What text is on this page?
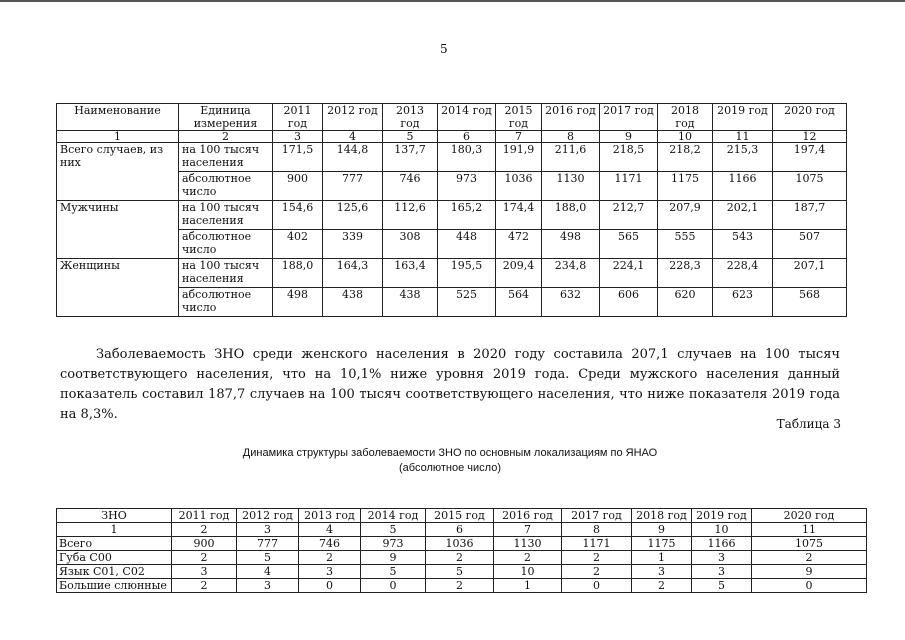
5
Наименование	Единица измерения	2011 год	2012 год	2013 год	2014 год	2015 год	2016 год	2017 год	2018 год	2019 год	2020 год
1	2	3	4	5	6	7	8	9	10	11	12
Всего случаев, из них	на 100 тысяч населения	171,5	144,8	137,7	180,3	191,9	211,6	218,5	218,2	215,3	197,4
	абсолютное число	900	777	746	973	1036	1130	1171	1175	1166	1075
Мужчины	на 100 тысяч населения	154,6	125,6	112,6	165,2	174,4	188,0	212,7	207,9	202,1	187,7
	абсолютное число	402	339	308	448	472	498	565	555	543	507
Женщины	на 100 тысяч населения	188,0	164,3	163,4	195,5	209,4	234,8	224,1	228,3	228,4	207,1
	абсолютное число	498	438	438	525	564	632	606	620	623	568
Заболеваемость ЗНО среди женского населения в 2020 году составила 207,1 случаев на 100 тысяч соответствующего населения, что на 10,1% ниже уровня 2019 года. Среди мужского населения данный показатель составил 187,7 случаев на 100 тысяч соответствующего населения, что ниже показателя 2019 года на 8,3%.
Таблица 3
Динамика структуры заболеваемости ЗНО по основным локализациям по ЯНАО
(абсолютное число)
ЗНО	2011 год	2012 год	2013 год	2014 год	2015 год	2016 год	2017 год	2018 год	2019 год	2020 год
1	2	3	4	5	6	7	8	9	10	11
Всего	900	777	746	973	1036	1130	1171	1175	1166	1075
Губа С00	2	5	2	9	2	2	2	1	3	2
Язык С01, С02	3	4	3	5	5	10	2	3	3	9
Большие слюнные	2	3	0	0	2	1	0	2	5	0
